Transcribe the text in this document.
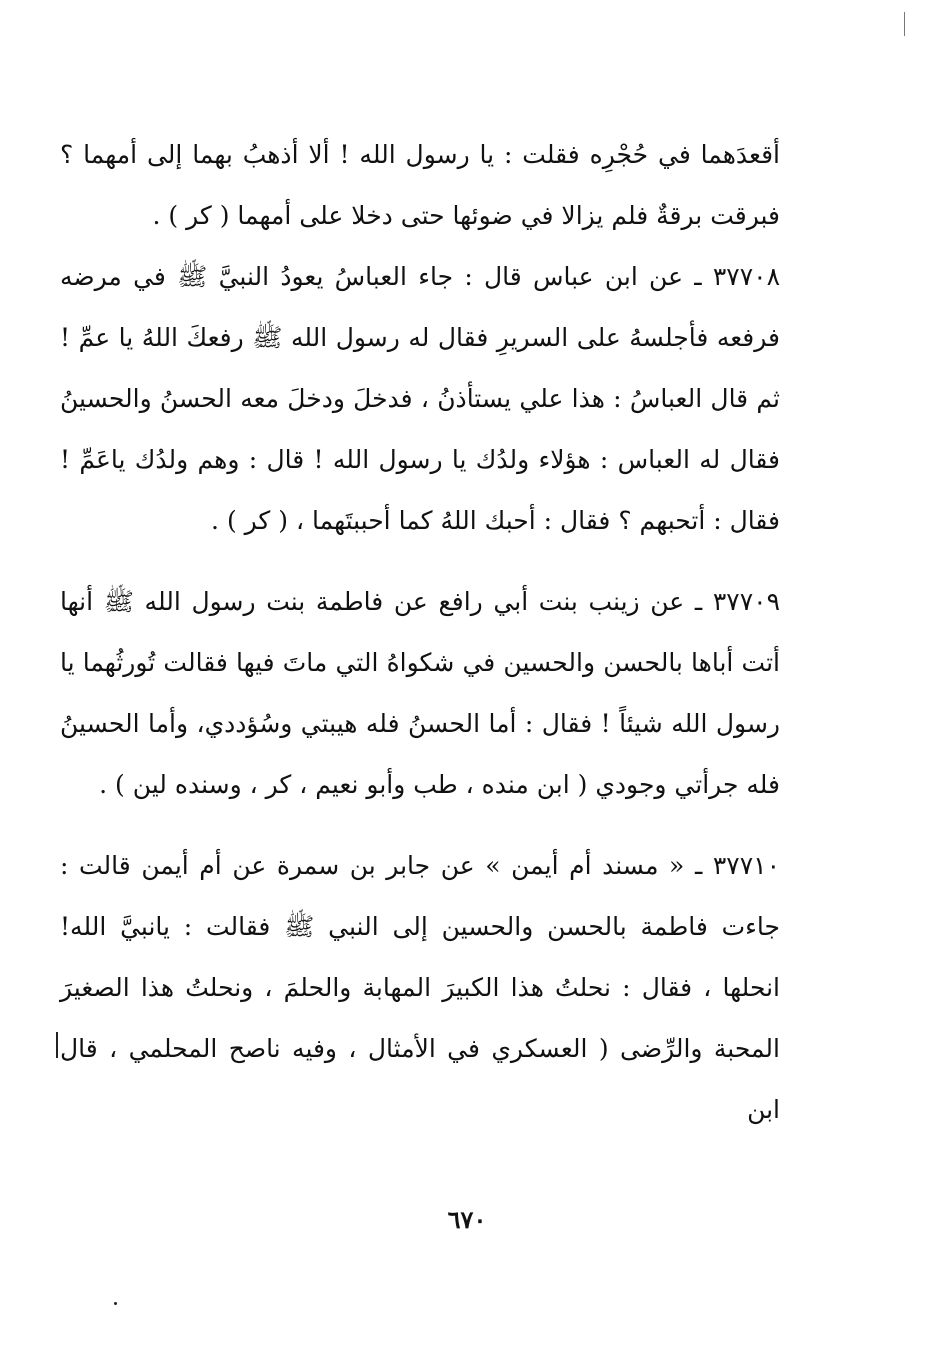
أقعدَهما في حُجْرِه فقلت : يا رسول الله ! ألا أذهبُ بهما إلى أمهما ؟ فبرقت برقةٌ فلم يزالا في ضوئها حتى دخلا على أمهما ( كر ) .

٣٧٧٠٨ ـ عن ابن عباس قال : جاء العباسُ يعودُ النبيَّ ﷺ في مرضه فرفعه فأجلسهُ على السريرِ فقال له رسول الله ﷺ رفعكَ اللهُ يا عمِّ ! ثم قال العباسُ : هذا علي يستأذنُ ، فدخلَ ودخلَ معه الحسنُ والحسينُ فقال له العباس : هؤلاء ولدُك يا رسول الله ! قال : وهم ولدُك ياعَمِّ ! فقال : أتحبهم ؟ فقال : أحبك اللهُ كما أحببتَهما ، ( كر ) .

٣٧٧٠٩ ـ عن زينب بنت أبي رافع عن فاطمة بنت رسول الله ﷺ أنها أتت أباها بالحسن والحسين في شكواهُ التي ماتَ فيها فقالت تُورثُهما يا رسول الله شيئاً ! فقال : أما الحسنُ فله هيبتي وسُؤددي، وأما الحسينُ فله جرأتي وجودي ( ابن منده ، طب وأبو نعيم ، كر ، وسنده لين ) .

٣٧٧١٠ ـ « مسند أم أيمن » عن جابر بن سمرة عن أم أيمن قالت : جاءت فاطمة بالحسن والحسين إلى النبي ﷺ فقالت : يانبيَّ الله! انحلها ، فقال : نحلتُ هذا الكبيرَ المهابة والحلمَ ، ونحلتُ هذا الصغيرَ المحبة والرِّضى ( العسكري في الأمثال ، وفيه ناصح المحلمي ، قال ابن

٦٧٠
